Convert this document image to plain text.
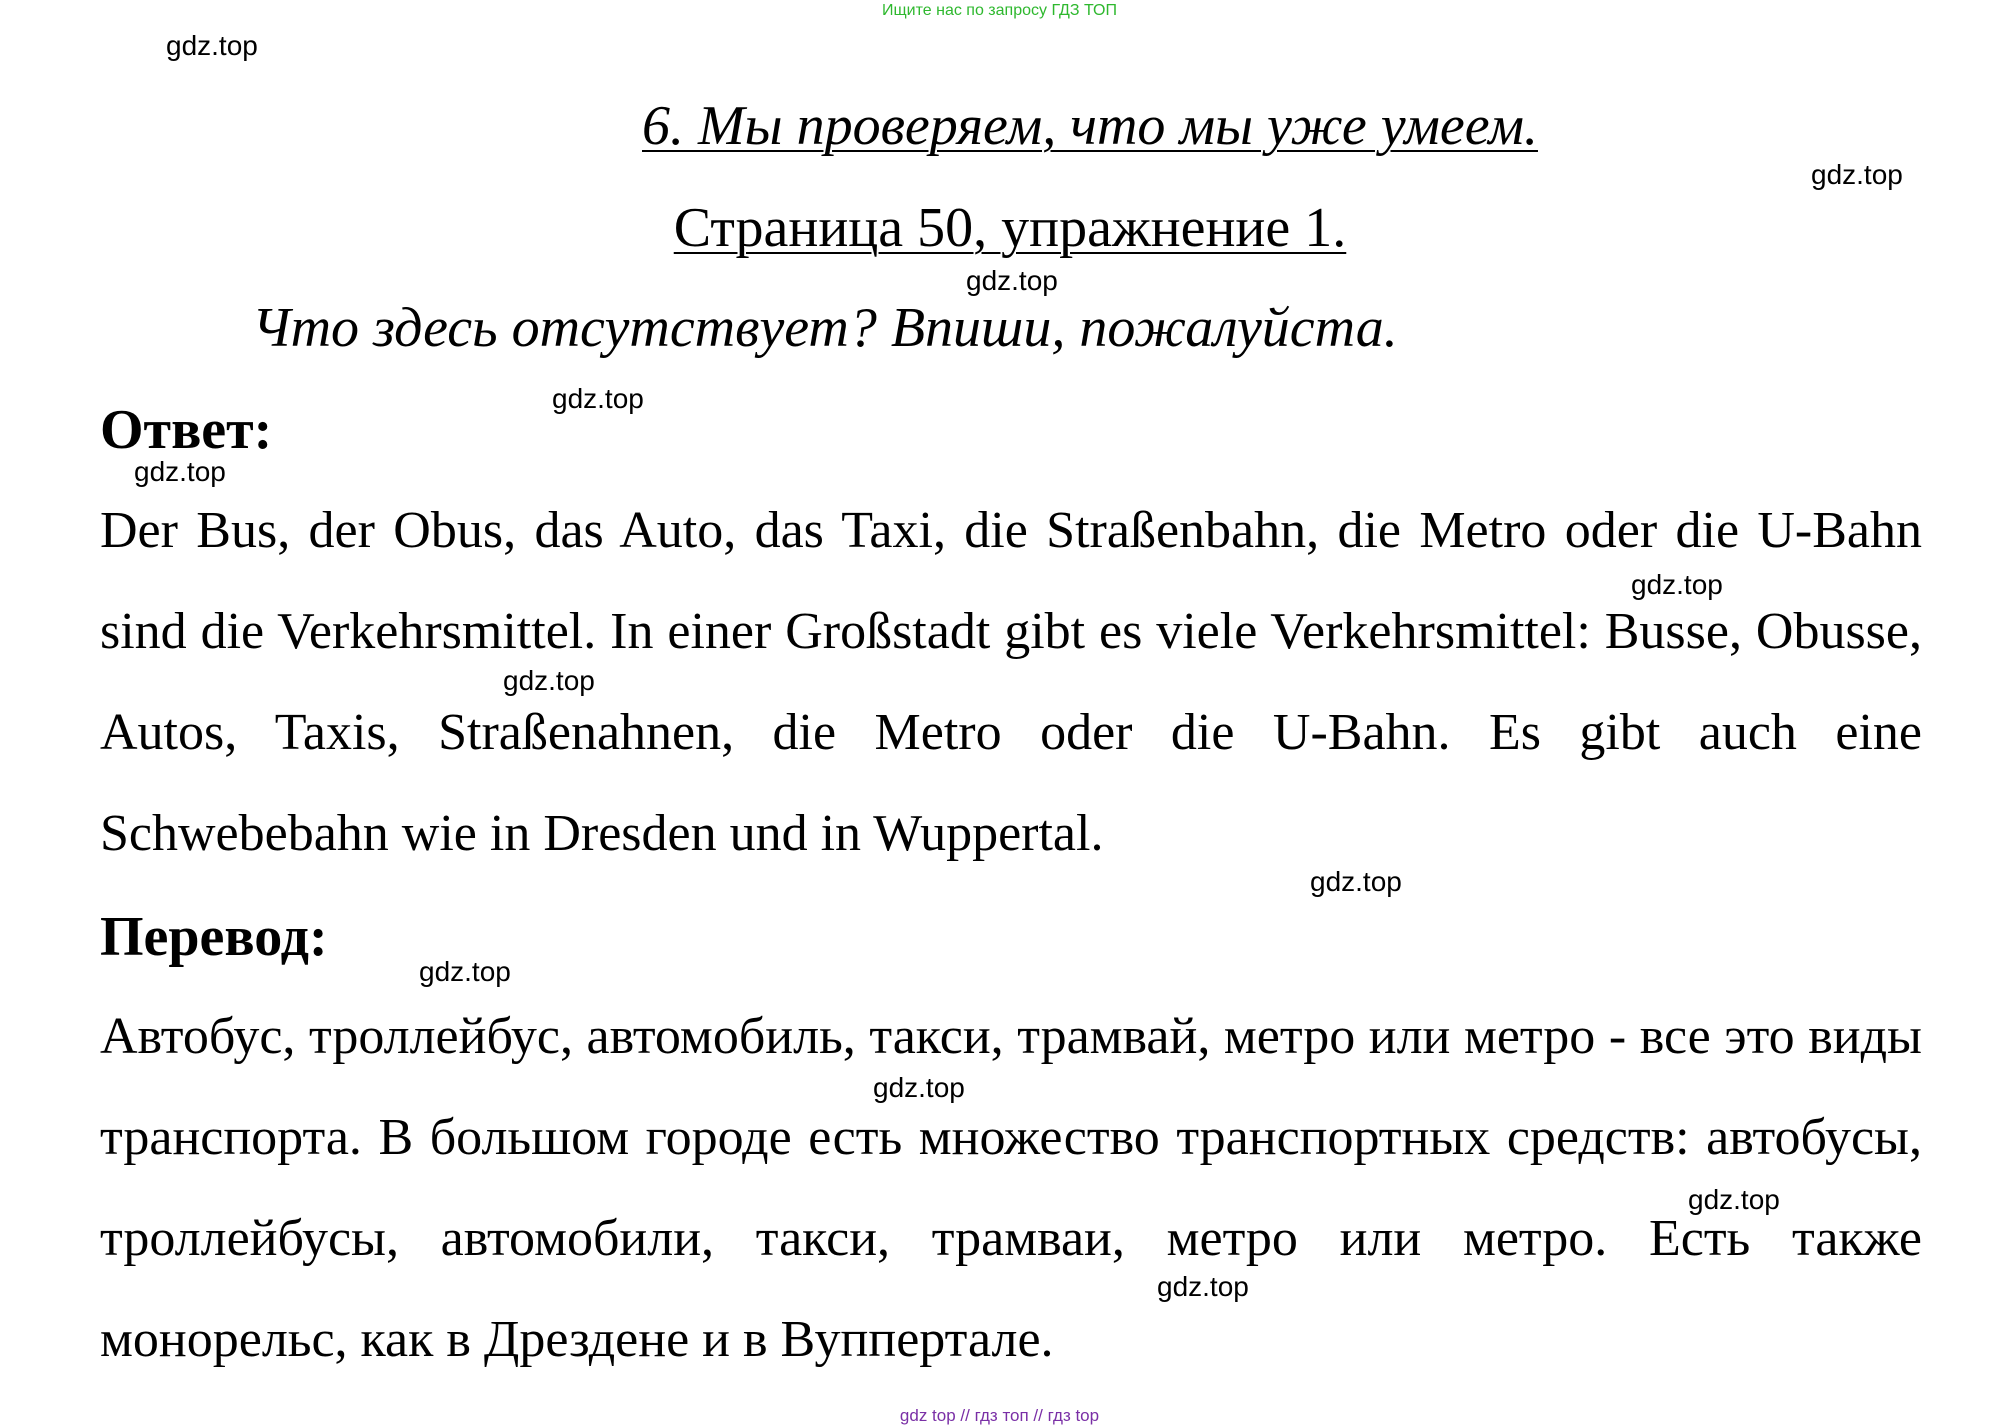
Ищите нас по запросу ГДЗ ТОП
gdz.top
gdz.top
gdz.top
gdz.top
gdz.top
gdz.top
gdz.top
gdz.top
gdz.top
gdz.top
gdz.top
gdz.top
6. Мы проверяем, что мы уже умеем.
Страница 50, упражнение 1.
Что здесь отсутствует? Впиши, пожалуйста.
Ответ:

Der Bus, der Obus, das Auto, das Taxi, die Straßenbahn, die Metro oder die U-Bahn sind die Verkehrsmittel. In einer Großstadt gibt es viele Verkehrsmittel: Busse, Obusse, Autos, Taxis, Straßenahnen, die Metro oder die U-Bahn. Es gibt auch eine Schwebebahn wie in Dresden und in Wuppertal.

Перевод:

Автобус, троллейбус, автомобиль, такси, трамвай, метро или метро - все это виды транспорта. В большом городе есть множество транспортных средств: автобусы, троллейбусы, автомобили, такси, трамваи, метро или метро. Есть также монорельс, как в Дрездене и в Вуппертале.

gdz top // гдз топ // гдз top
